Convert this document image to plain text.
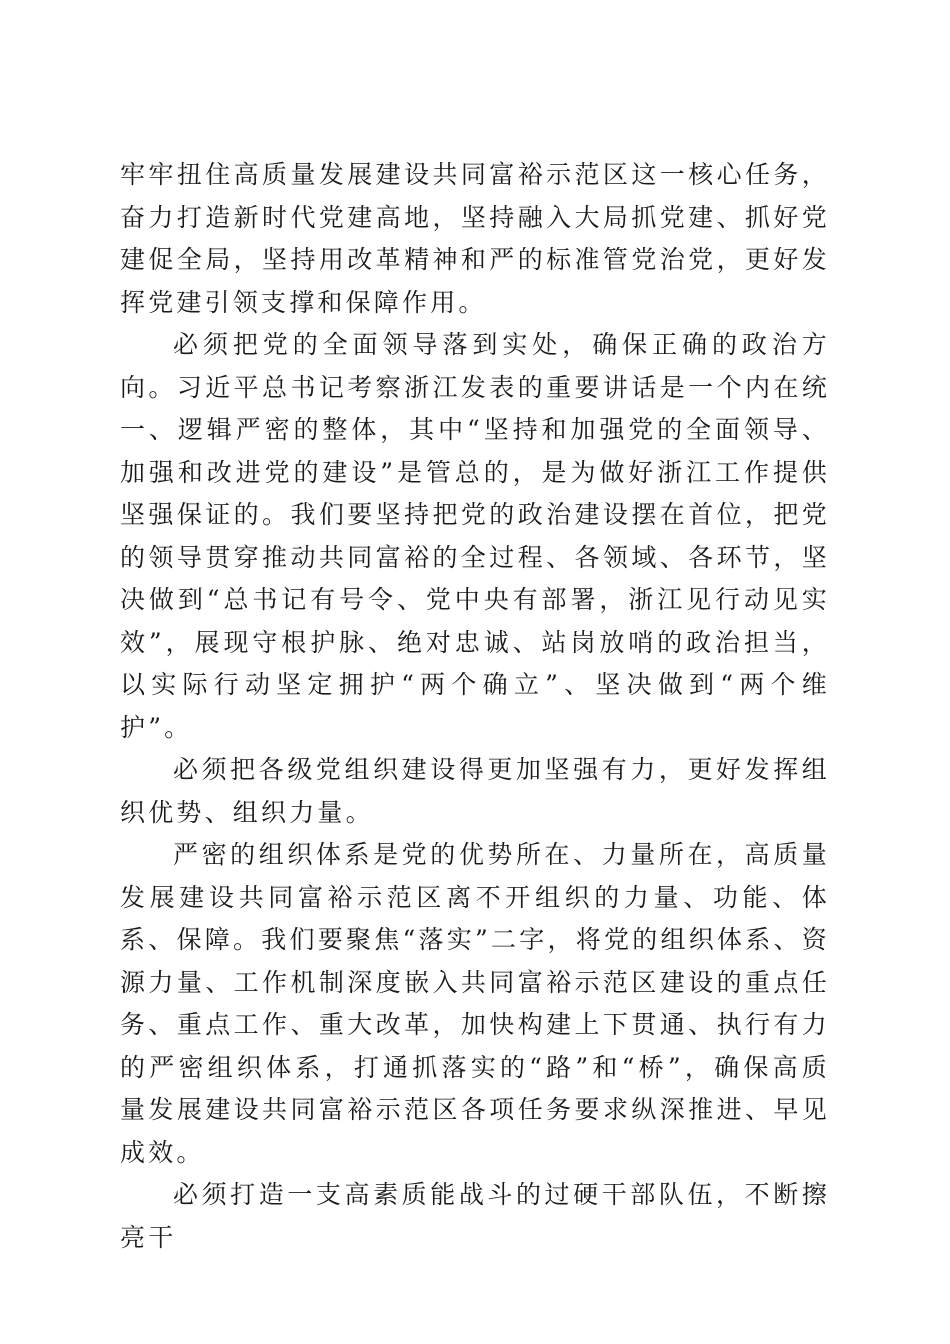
牢牢扭住高质量发展建设共同富裕示范区这一核心任务，奋力打造新时代党建高地，坚持融入大局抓党建、抓好党建促全局，坚持用改革精神和严的标准管党治党，更好发挥党建引领支撑和保障作用。

必须把党的全面领导落到实处，确保正确的政治方向。习近平总书记考察浙江发表的重要讲话是一个内在统一、逻辑严密的整体，其中“坚持和加强党的全面领导、加强和改进党的建设”是管总的，是为做好浙江工作提供坚强保证的。我们要坚持把党的政治建设摆在首位，把党的领导贯穿推动共同富裕的全过程、各领域、各环节，坚决做到“总书记有号令、党中央有部署，浙江见行动见实效”，展现守根护脉、绝对忠诚、站岗放哨的政治担当，以实际行动坚定拥护“两个确立”、坚决做到“两个维护”。

必须把各级党组织建设得更加坚强有力，更好发挥组织优势、组织力量。

严密的组织体系是党的优势所在、力量所在，高质量发展建设共同富裕示范区离不开组织的力量、功能、体系、保障。我们要聚焦“落实”二字，将党的组织体系、资源力量、工作机制深度嵌入共同富裕示范区建设的重点任务、重点工作、重大改革，加快构建上下贯通、执行有力的严密组织体系，打通抓落实的“路”和“桥”，确保高质量发展建设共同富裕示范区各项任务要求纵深推进、早见成效。

必须打造一支高素质能战斗的过硬干部队伍，不断擦亮干
